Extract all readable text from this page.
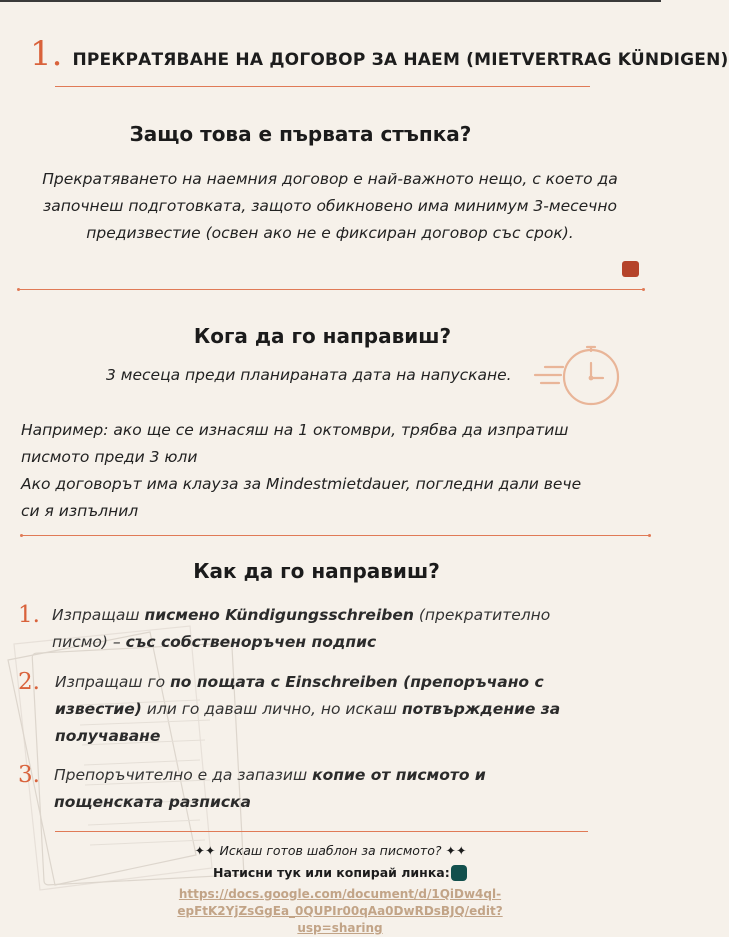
1. ПРЕКРАТЯВАНЕ НА ДОГОВОР ЗА НАЕМ (MIETVERTRAG KÜNDIGEN)
Защо това е първата стъпка?
Прекратяването на наемния договор е най-важното нещо, с което да започнеш подготовката, защото обикновено има минимум 3-месечно предизвестие (освен ако не е фиксиран договор със срок).
Кога да го направиш?
3 месеца преди планираната дата на напускане.
Например: ако ще се изнасяш на 1 октомври, трябва да изпратиш
писмото преди 3 юли
Ако договорът има клауза за Mindestmietdauer, погледни дали вече
си я изпълнил
Как да го направиш?
1. Изпращаш писмено Kündigungsschreiben (прекратително
писмо) – със собственоръчен подпис
2. Изпращаш го по пощата с Einschreiben (препоръчано с
известие) или го даваш лично, но искаш потвърждение за
получаване
3. Препоръчително е да запазиш копие от писмото и
пощенската разписка
✦✦ Искаш готов шаблон за писмото? ✦✦
Натисни тук или копирай линка:
https://docs.google.com/document/d/1QiDw4ql-epFtK2YjZsGgEa_0QUPIr00qAa0DwRDsBJQ/edit?
usp=sharing
